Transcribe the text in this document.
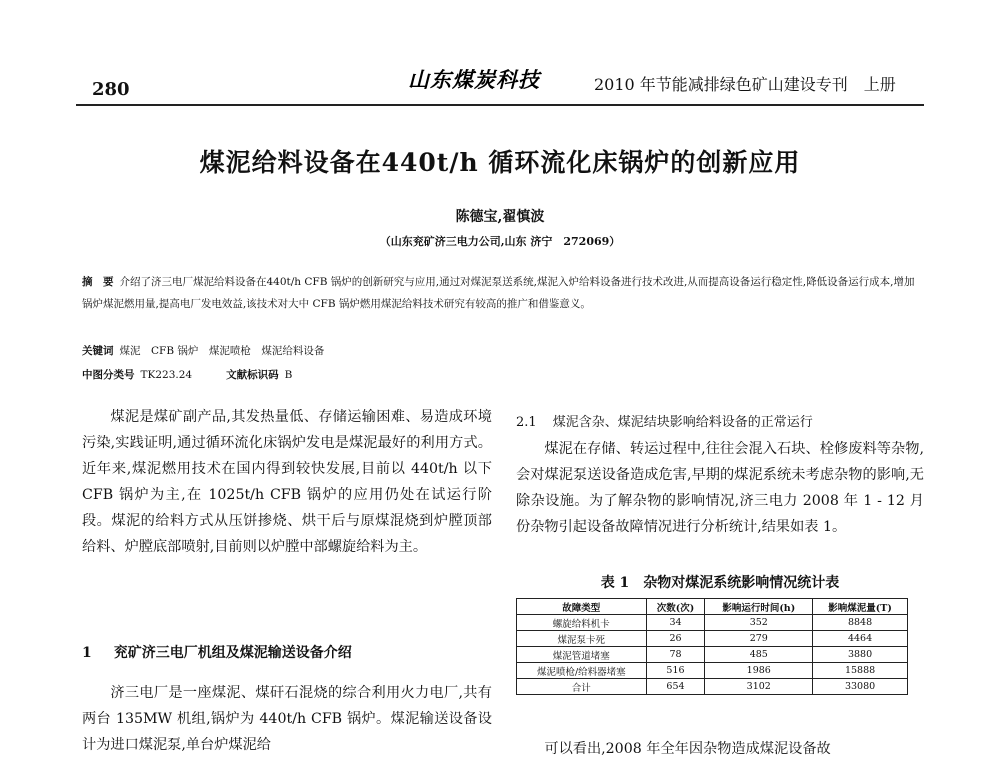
280	山东煤炭科技	2010 年节能减排绿色矿山建设专刊　上册
煤泥给料设备在440t/h 循环流化床锅炉的创新应用
陈德宝,翟慎波
（山东兖矿济三电力公司,山东 济宁　272069）
摘　要 介绍了济三电厂煤泥给料设备在440t/h CFB 锅炉的创新研究与应用,通过对煤泥泵送系统,煤泥入炉给料设备进行技术改进,从而提高设备运行稳定性,降低设备运行成本,增加锅炉煤泥燃用量,提高电厂发电效益,该技术对大中 CFB 锅炉燃用煤泥给料技术研究有较高的推广和借鉴意义。
关键词 煤泥　CFB 锅炉　煤泥喷枪　煤泥给料设备
中图分类号 TK223.24	文献标识码 B

煤泥是煤矿副产品,其发热量低、存储运输困难、易造成环境污染,实践证明,通过循环流化床锅炉发电是煤泥最好的利用方式。近年来,煤泥燃用技术在国内得到较快发展,目前以 440t/h 以下 CFB 锅炉为主,在 1025t/h CFB 锅炉的应用仍处在试运行阶段。煤泥的给料方式从压饼掺烧、烘干后与原煤混烧到炉膛顶部给料、炉膛底部喷射,目前则以炉膛中部螺旋给料为主。

1 兖矿济三电厂机组及煤泥输送设备介绍

济三电厂是一座煤泥、煤矸石混烧的综合利用火力电厂,共有两台 135MW 机组,锅炉为 440t/h CFB 锅炉。煤泥输送设备设计为进口煤泥泵,单台炉煤泥给

2.1 煤泥含杂、煤泥结块影响给料设备的正常运行

煤泥在存储、转运过程中,往往会混入石块、栓修废料等杂物,会对煤泥泵送设备造成危害,早期的煤泥系统未考虑杂物的影响,无除杂设施。为了解杂物的影响情况,济三电力 2008 年 1 - 12 月份杂物引起设备故障情况进行分析统计,结果如表 1。

表 1　杂物对煤泥系统影响情况统计表
故障类型	次数(次)	影响运行时间(h)	影响煤泥量(T)
螺旋给料机卡	34	352	8848
煤泥泵卡死	26	279	4464
煤泥管道堵塞	78	485	3880
煤泥喷枪/给料器堵塞	516	1986	15888
合计	654	3102	33080

可以看出,2008 年全年因杂物造成煤泥设备故
